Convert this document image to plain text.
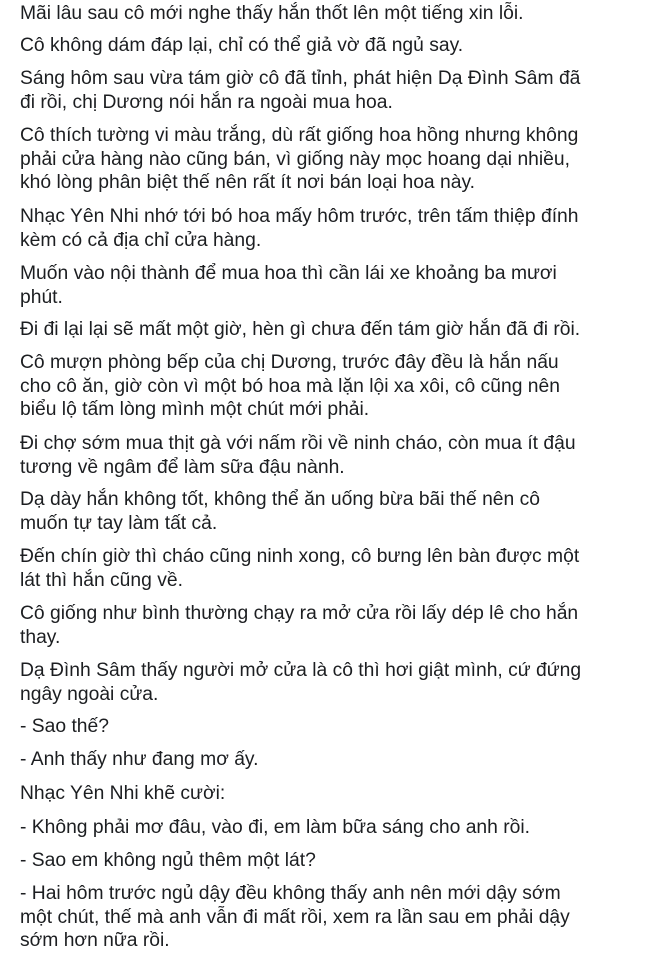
Mãi lâu sau cô mới nghe thấy hắn thốt lên một tiếng xin lỗi.

Cô không dám đáp lại, chỉ có thể giả vờ đã ngủ say.

Sáng hôm sau vừa tám giờ cô đã tỉnh, phát hiện Dạ Đình Sâm đã
đi rồi, chị Dương nói hắn ra ngoài mua hoa.

Cô thích tường vi màu trắng, dù rất giống hoa hồng nhưng không
phải cửa hàng nào cũng bán, vì giống này mọc hoang dại nhiều,
khó lòng phân biệt thế nên rất ít nơi bán loại hoa này.

Nhạc Yên Nhi nhớ tới bó hoa mấy hôm trước, trên tấm thiệp đính
kèm có cả địa chỉ cửa hàng.

Muốn vào nội thành để mua hoa thì cần lái xe khoảng ba mươi
phút.

Đi đi lại lại sẽ mất một giờ, hèn gì chưa đến tám giờ hắn đã đi rồi.

Cô mượn phòng bếp của chị Dương, trước đây đều là hắn nấu
cho cô ăn, giờ còn vì một bó hoa mà lặn lội xa xôi, cô cũng nên
biểu lộ tấm lòng mình một chút mới phải.

Đi chợ sớm mua thịt gà với nấm rồi về ninh cháo, còn mua ít đậu
tương về ngâm để làm sữa đậu nành.

Dạ dày hắn không tốt, không thể ăn uống bừa bãi thế nên cô
muốn tự tay làm tất cả.

Đến chín giờ thì cháo cũng ninh xong, cô bưng lên bàn được một
lát thì hắn cũng về.

Cô giống như bình thường chạy ra mở cửa rồi lấy dép lê cho hắn
thay.

Dạ Đình Sâm thấy người mở cửa là cô thì hơi giật mình, cứ đứng
ngây ngoài cửa.

- Sao thế?

- Anh thấy như đang mơ ấy.

Nhạc Yên Nhi khẽ cười:

- Không phải mơ đâu, vào đi, em làm bữa sáng cho anh rồi.

- Sao em không ngủ thêm một lát?

- Hai hôm trước ngủ dậy đều không thấy anh nên mới dậy sớm
một chút, thế mà anh vẫn đi mất rồi, xem ra lần sau em phải dậy
sớm hơn nữa rồi.
